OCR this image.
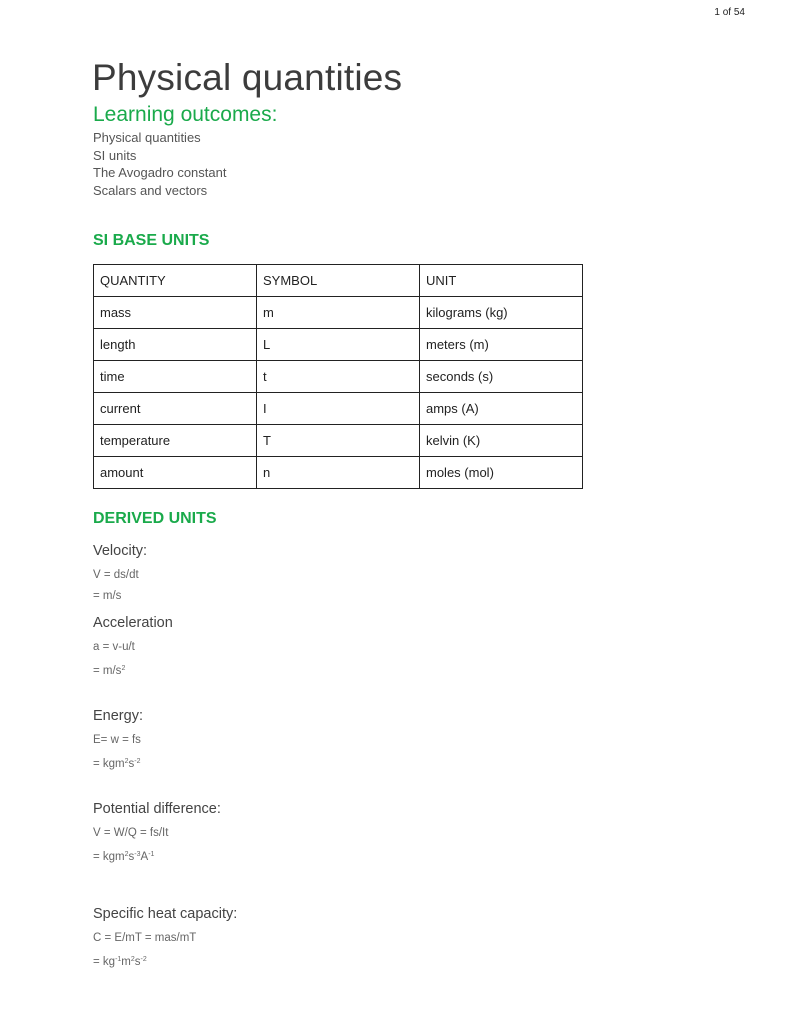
1 of 54
Physical quantities
Learning outcomes:
Physical quantities
SI units
The Avogadro constant
Scalars and vectors
SI BASE UNITS
QUANTITY	SYMBOL	UNIT
mass	m	kilograms (kg)
length	L	meters (m)
time	t	seconds (s)
current	I	amps (A)
temperature	T	kelvin (K)
amount	n	moles (mol)
DERIVED UNITS
Velocity:
V = ds/dt
= m/s
Acceleration
a = v-u/t
= $m/s^2$
Energy:
E= w = fs
= $kgm^2s^{-2}$
Potential difference:
V = W/Q = fs/It
= $kgm^2s^{-3}A^{-1}$
Specific heat capacity:
C = E/mT = mas/mT
= $kg^{-1}m^2s^{-2}$
